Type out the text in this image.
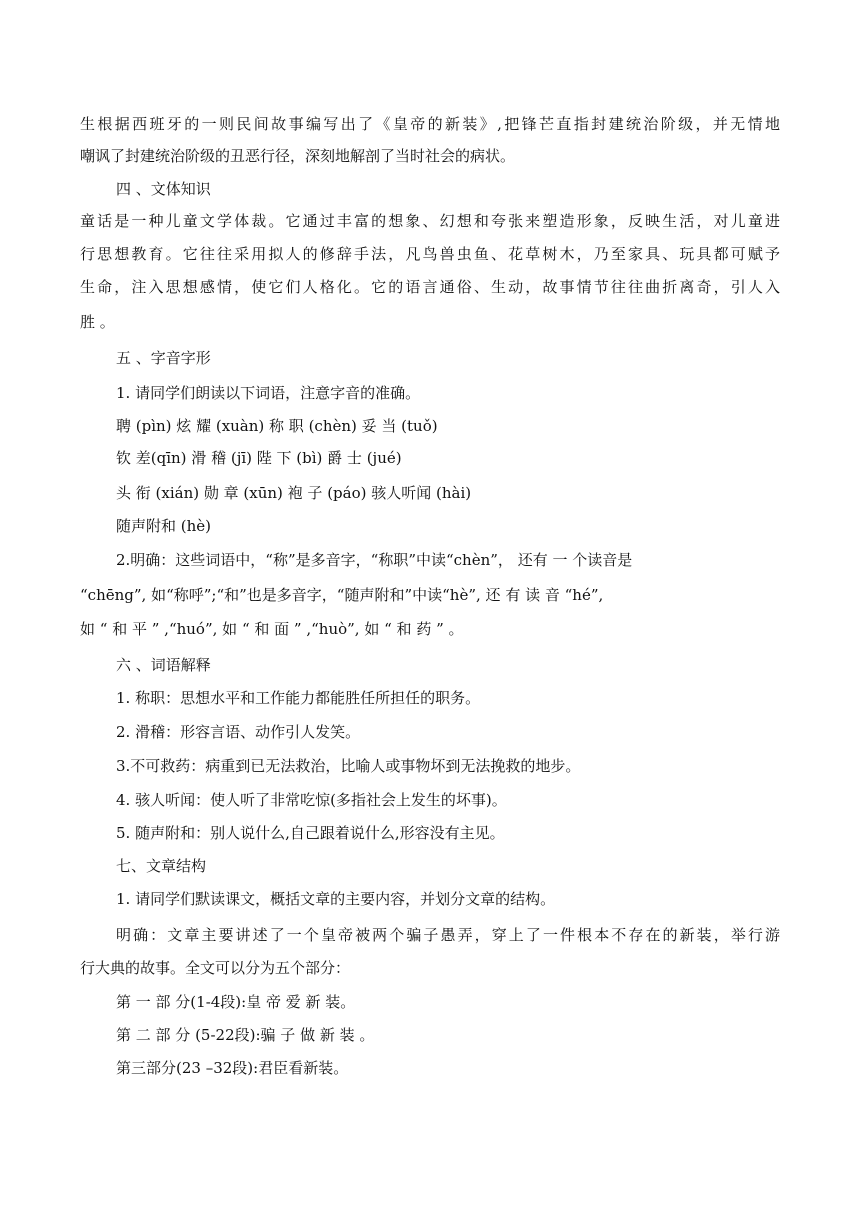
生根据西班牙的一则民间故事编写出了《皇帝的新装》,把锋芒直指封建统治阶级，并无情地
嘲讽了封建统治阶级的丑恶行径，深刻地解剖了当时社会的病状。
四 、文体知识
童话是一种儿童文学体裁。它通过丰富的想象、幻想和夸张来塑造形象，反映生活，对儿童进
行思想教育。它往往采用拟人的修辞手法，凡鸟兽虫鱼、花草树木，乃至家具、玩具都可赋予
生命，注入思想感情，使它们人格化。它的语言通俗、生动，故事情节往往曲折离奇，引人入
胜 。
五 、字音字形
1. 请同学们朗读以下词语，注意字音的准确。
聘 (pìn) 炫 耀 (xuàn) 称 职 (chèn) 妥 当 (tuǒ)
钦 差(qīn) 滑 稽 (jī) 陛 下 (bì) 爵 士 (jué)
头 衔 (xián) 勋 章 (xūn) 袍 子 (páo) 骇人听闻 (hài)
随声附和 (hè)
2.明确：这些词语中，“称”是多音字，“称职”中读“chèn”， 还有 一 个读音是
“chēng”, 如“称呼”;“和”也是多音字，“随声附和”中读“hè”, 还 有 读 音 “hé”,
如 “ 和 平 ” ,“huó”, 如 “ 和 面 ” ,“huò”, 如 “ 和 药 ” 。
六 、词语解释
1. 称职：思想水平和工作能力都能胜任所担任的职务。
2. 滑稽：形容言语、动作引人发笑。
3.不可救药：病重到已无法救治，比喻人或事物坏到无法挽救的地步。
4. 骇人听闻：使人听了非常吃惊(多指社会上发生的坏事)。
5. 随声附和：别人说什么,自己跟着说什么,形容没有主见。
七、文章结构
1. 请同学们默读课文，概括文章的主要内容，并划分文章的结构。
明确：文章主要讲述了一个皇帝被两个骗子愚弄，穿上了一件根本不存在的新装，举行游
行大典的故事。全文可以分为五个部分：
第 一 部 分(1-4段):皇 帝 爱 新 装。
第 二 部 分 (5-22段):骗 子 做 新 装 。
第三部分(23 –32段):君臣看新装。
